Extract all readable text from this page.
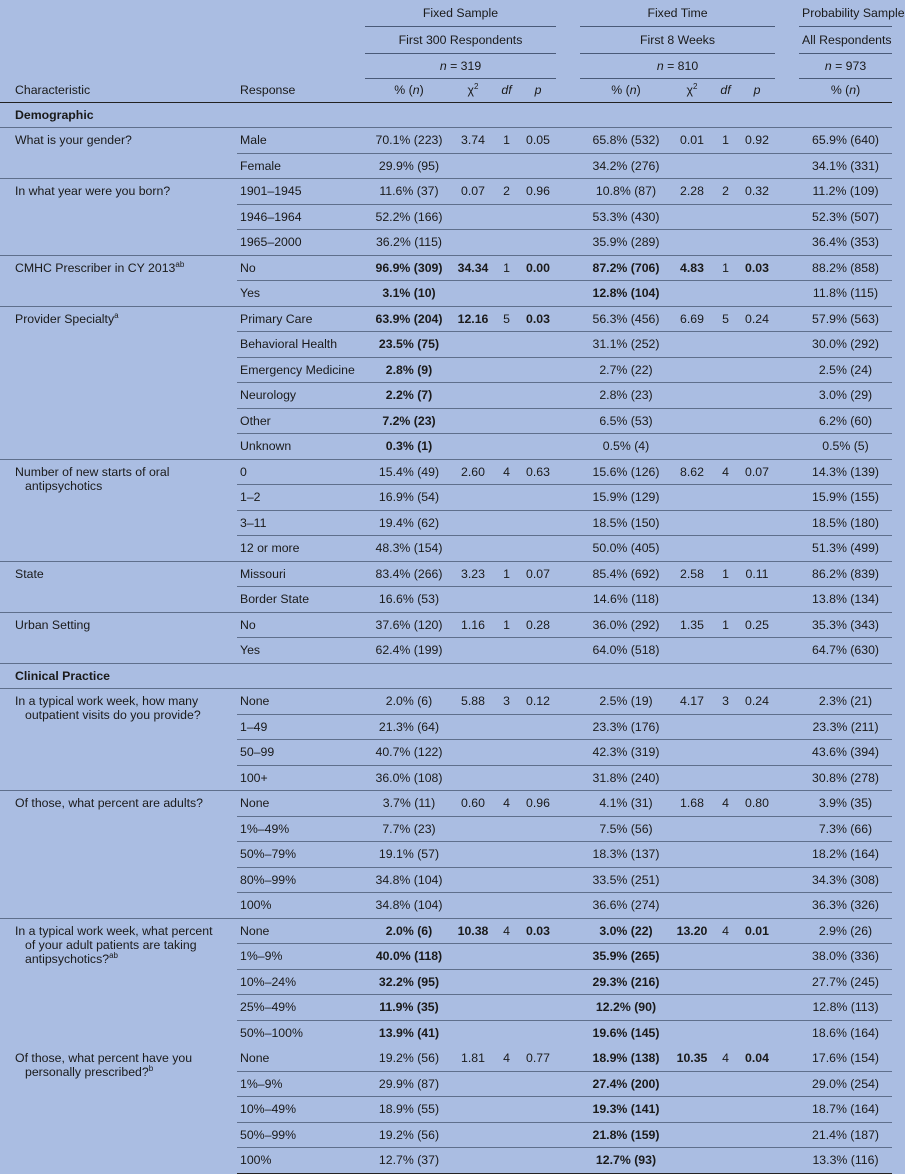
		Fixed Sample					Fixed Time					Probability Sample
		First 300 Respondents					First 8 Weeks					All Respondents
		n = 319					n = 810					n = 973
Characteristic	Response	% (n)	$\chi^2$	df	p		% (n)	$\chi^2$	df	p		% (n)
Demographic												
What is your gender?	Male	70.1% (223)	3.74	1	0.05		65.8% (532)	0.01	1	0.92		65.9% (640)
	Female	29.9% (95)					34.2% (276)					34.1% (331)
In what year were you born?	1901–1945	11.6% (37)	0.07	2	0.96		10.8% (87)	2.28	2	0.32		11.2% (109)
	1946–1964	52.2% (166)					53.3% (430)					52.3% (507)
	1965–2000	36.2% (115)					35.9% (289)					36.4% (353)
CMHC Prescriber in CY $2013^{ab}$	No	96.9% (309)	34.34	1	0.00		87.2% (706)	4.83	1	0.03		88.2% (858)
	Yes	3.1% (10)					12.8% (104)					11.8% (115)
Provider Specialty$^a$	Primary Care	63.9% (204)	12.16	5	0.03		56.3% (456)	6.69	5	0.24		57.9% (563)
	Behavioral Health	23.5% (75)					31.1% (252)					30.0% (292)
	Emergency Medicine	2.8% (9)					2.7% (22)					2.5% (24)
	Neurology	2.2% (7)					2.8% (23)					3.0% (29)
	Other	7.2% (23)					6.5% (53)					6.2% (60)
	Unknown	0.3% (1)					0.5% (4)					0.5% (5)
Number of new starts of oral antipsychotics	0	15.4% (49)	2.60	4	0.63		15.6% (126)	8.62	4	0.07		14.3% (139)
	1–2	16.9% (54)					15.9% (129)					15.9% (155)
	3–11	19.4% (62)					18.5% (150)					18.5% (180)
	12 or more	48.3% (154)					50.0% (405)					51.3% (499)
State	Missouri	83.4% (266)	3.23	1	0.07		85.4% (692)	2.58	1	0.11		86.2% (839)
	Border State	16.6% (53)					14.6% (118)					13.8% (134)
Urban Setting	No	37.6% (120)	1.16	1	0.28		36.0% (292)	1.35	1	0.25		35.3% (343)
	Yes	62.4% (199)					64.0% (518)					64.7% (630)
Clinical Practice												
In a typical work week, how many outpatient visits do you provide?	None	2.0% (6)	5.88	3	0.12		2.5% (19)	4.17	3	0.24		2.3% (21)
	1–49	21.3% (64)					23.3% (176)					23.3% (211)
	50–99	40.7% (122)					42.3% (319)					43.6% (394)
	100+	36.0% (108)					31.8% (240)					30.8% (278)
Of those, what percent are adults?	None	3.7% (11)	0.60	4	0.96		4.1% (31)	1.68	4	0.80		3.9% (35)
	1%–49%	7.7% (23)					7.5% (56)					7.3% (66)
	50%–79%	19.1% (57)					18.3% (137)					18.2% (164)
	80%–99%	34.8% (104)					33.5% (251)					34.3% (308)
	100%	34.8% (104)					36.6% (274)					36.3% (326)
In a typical work week, what percent of your adult patients are taking antipsychotics?$^{ab}$	None	2.0% (6)	10.38	4	0.03		3.0% (22)	13.20	4	0.01		2.9% (26)
	1%–9%	40.0% (118)					35.9% (265)					38.0% (336)
	10%–24%	32.2% (95)					29.3% (216)					27.7% (245)
	25%–49%	11.9% (35)					12.2% (90)					12.8% (113)
	50%–100%	13.9% (41)					19.6% (145)					18.6% (164)
Of those, what percent have you personally prescribed?$^b$	None	19.2% (56)	1.81	4	0.77		18.9% (138)	10.35	4	0.04		17.6% (154)
	1%–9%	29.9% (87)					27.4% (200)					29.0% (254)
	10%–49%	18.9% (55)					19.3% (141)					18.7% (164)
	50%–99%	19.2% (56)					21.8% (159)					21.4% (187)
	100%	12.7% (37)					12.7% (93)					13.3% (116)
